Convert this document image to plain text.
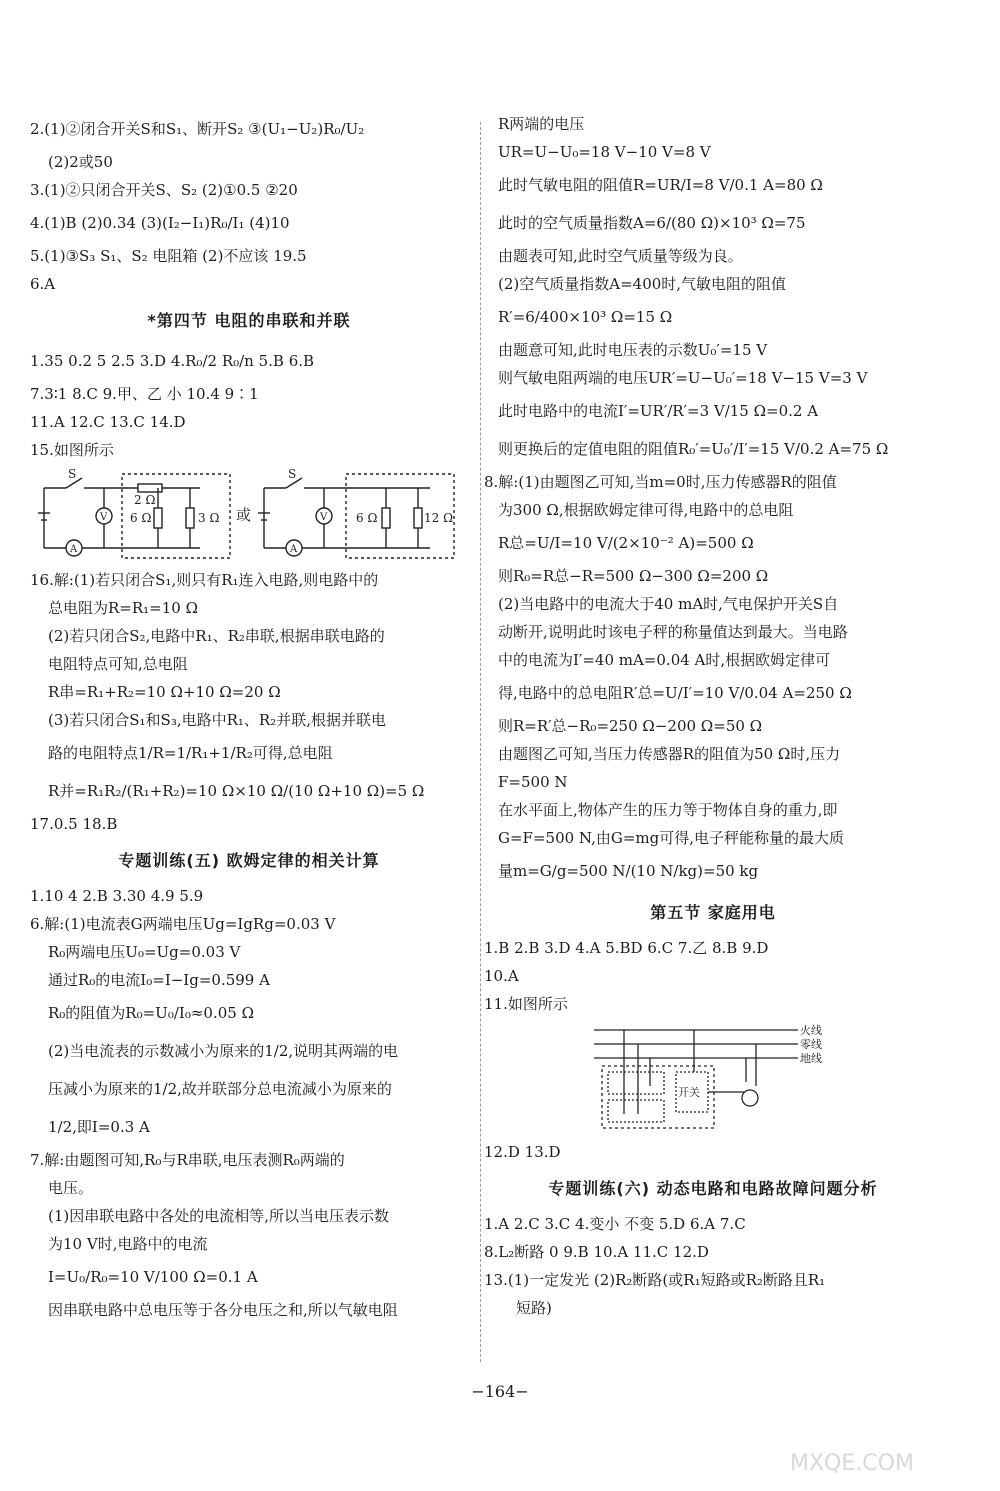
2.(1)②闭合开关S和S₁、断开S₂ ③(U₁−U₂)R₀/U₂
(2)2或50
3.(1)②只闭合开关S、S₂ (2)①0.5 ②20
4.(1)B (2)0.34 (3)(I₂−I₁)R₀/I₁ (4)10
5.(1)③S₃ S₁、S₂ 电阻箱 (2)不应该 19.5
6.A
*第四节 电阻的串联和并联
1.35 0.2 5 2.5 3.D 4.R₀/2 R₀/n 5.B 6.B
7.3∶1 8.C 9.甲、乙 小 10.4 9∶1
11.A 12.C 13.C 14.D
15.如图所示
S
V
A
2 Ω
6 Ω	3 Ω 或
S
V
A
6 Ω	12 Ω
16.解:(1)若只闭合S₁,则只有R₁连入电路,则电路中的
总电阻为R=R₁=10 Ω
(2)若只闭合S₂,电路中R₁、R₂串联,根据串联电路的
电阻特点可知,总电阻
R串=R₁+R₂=10 Ω+10 Ω=20 Ω
(3)若只闭合S₁和S₃,电路中R₁、R₂并联,根据并联电
路的电阻特点1/R=1/R₁+1/R₂可得,总电阻
R并=R₁R₂/(R₁+R₂)=10 Ω×10 Ω/(10 Ω+10 Ω)=5 Ω
17.0.5 18.B
专题训练(五) 欧姆定律的相关计算
1.10 4 2.B 3.30 4.9 5.9
6.解:(1)电流表G两端电压Ug=IgRg=0.03 V
R₀两端电压U₀=Ug=0.03 V
通过R₀的电流I₀=I−Ig=0.599 A
R₀的阻值为R₀=U₀/I₀≈0.05 Ω
(2)当电流表的示数减小为原来的1/2,说明其两端的电
压减小为原来的1/2,故并联部分总电流减小为原来的
1/2,即I=0.3 A
7.解:由题图可知,R₀与R串联,电压表测R₀两端的
电压。
(1)因串联电路中各处的电流相等,所以当电压表示数
为10 V时,电路中的电流
I=U₀/R₀=10 V/100 Ω=0.1 A
因串联电路中总电压等于各分电压之和,所以气敏电阻
R两端的电压
UR=U−U₀=18 V−10 V=8 V
此时气敏电阻的阻值R=UR/I=8 V/0.1 A=80 Ω
此时的空气质量指数A=6/(80 Ω)×10³ Ω=75
由题表可知,此时空气质量等级为良。
(2)空气质量指数A=400时,气敏电阻的阻值
R′=6/400×10³ Ω=15 Ω
由题意可知,此时电压表的示数U₀′=15 V
则气敏电阻两端的电压UR′=U−U₀′=18 V−15 V=3 V
此时电路中的电流I′=UR′/R′=3 V/15 Ω=0.2 A
则更换后的定值电阻的阻值R₀′=U₀′/I′=15 V/0.2 A=75 Ω
8.解:(1)由题图乙可知,当m=0时,压力传感器R的阻值
为300 Ω,根据欧姆定律可得,电路中的总电阻
R总=U/I=10 V/(2×10⁻² A)=500 Ω
则R₀=R总−R=500 Ω−300 Ω=200 Ω
(2)当电路中的电流大于40 mA时,气电保护开关S自
动断开,说明此时该电子秤的称量值达到最大。当电路
中的电流为I′=40 mA=0.04 A时,根据欧姆定律可
得,电路中的总电阻R′总=U/I′=10 V/0.04 A=250 Ω
则R=R′总−R₀=250 Ω−200 Ω=50 Ω
由题图乙可知,当压力传感器R的阻值为50 Ω时,压力
F=500 N
在水平面上,物体产生的压力等于物体自身的重力,即
G=F=500 N,由G=mg可得,电子秤能称量的最大质
量m=G/g=500 N/(10 N/kg)=50 kg
第五节 家庭用电
1.B 2.B 3.D 4.A 5.BD 6.C 7.乙 8.B 9.D
10.A
11.如图所示
火线
零线
地线
开关
12.D 13.D
专题训练(六) 动态电路和电路故障问题分析
1.A 2.C 3.C 4.变小 不变 5.D 6.A 7.C
8.L₂断路 0 9.B 10.A 11.C 12.D
13.(1)一定发光 (2)R₂断路(或R₁短路或R₂断路且R₁
短路)
−164−
MXQE.COM
